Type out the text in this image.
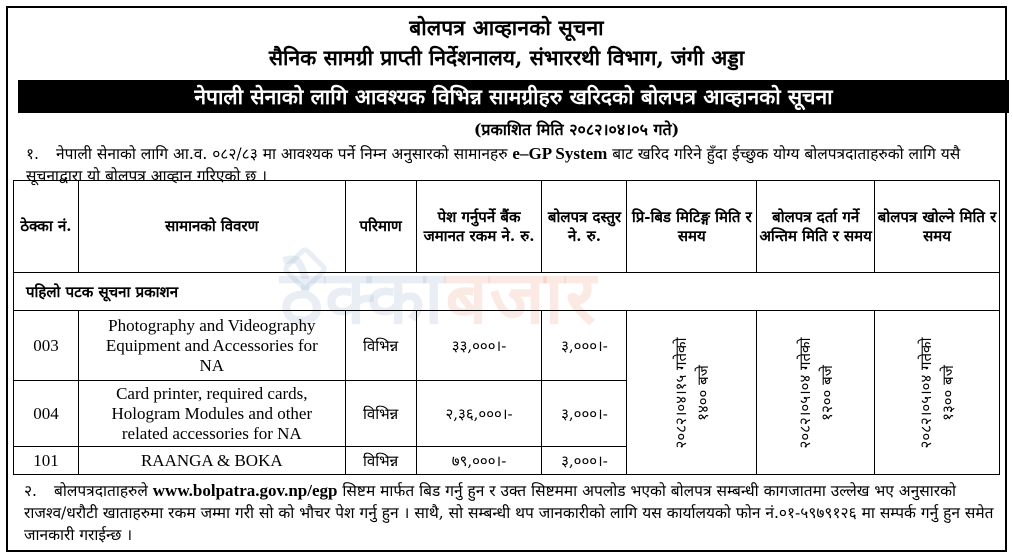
बोलपत्र आव्हानको सूचना
सैनिक सामग्री प्राप्ती निर्देशनालय, संभाररथी विभाग, जंगी अड्डा
नेपाली सेनाको लागि आवश्यक विभिन्न सामग्रीहरु खरिदको बोलपत्र आव्हानको सूचना
(प्रकाशित मिति २०८२।०४।०५ गते)
१. नेपाली सेनाको लागि आ.व. ०८२/८३ मा आवश्यक पर्ने निम्न अनुसारको सामानहरु e–GP System बाट खरिद गरिने हुँदा ईच्छुक योग्य बोलपत्रदाताहरुको लागि यसै सूचनाद्वारा यो बोलपत्र आव्हान गरिएको छ ।
ठेक्काबजार
ठेक्का नं.	सामानको विवरण	परिमाण	पेश गर्नुपर्ने बैंक जमानत रकम ने. रु.	बोलपत्र दस्तुर ने. रु.	प्रि-बिड मिटिङ्ग मिति र समय	बोलपत्र दर्ता गर्ने अन्तिम मिति र समय	बोलपत्र खोल्ने मिति र समय
पहिलो पटक सूचना प्रकाशन							
003	Photography and Videography Equipment and Accessories for NA	विभिन्न	३३,०००।-	३,०००।-	२०८२।०४।१५ गतेको १४०० बजे	२०८२।०५।०४ गतेको १२०० बजे	२०८२।०५।०४ गतेको १३०० बजे

004	Card printer, required cards, Hologram Modules and other related accessories for NA	विभिन्न	२,३६,०००।-	३,०००।-			
101	RAANGA & BOKA	विभिन्न	७९,०००।-	३,०००।-			
२. बोलपत्रदाताहरुले www.bolpatra.gov.np/egp सिष्टम मार्फत बिड गर्नु हुन र उक्त सिष्टममा अपलोड भएको बोलपत्र सम्बन्धी कागजातमा उल्लेख भए अनुसारको राजश्व/धरौटी खाताहरुमा रकम जम्मा गरी सो को भौचर पेश गर्नु हुन । साथै, सो सम्बन्धी थप जानकारीको लागि यस कार्यालयको फोन नं.०१-५९७९१२६ मा सम्पर्क गर्नु हुन समेत जानकारी गराईन्छ ।
